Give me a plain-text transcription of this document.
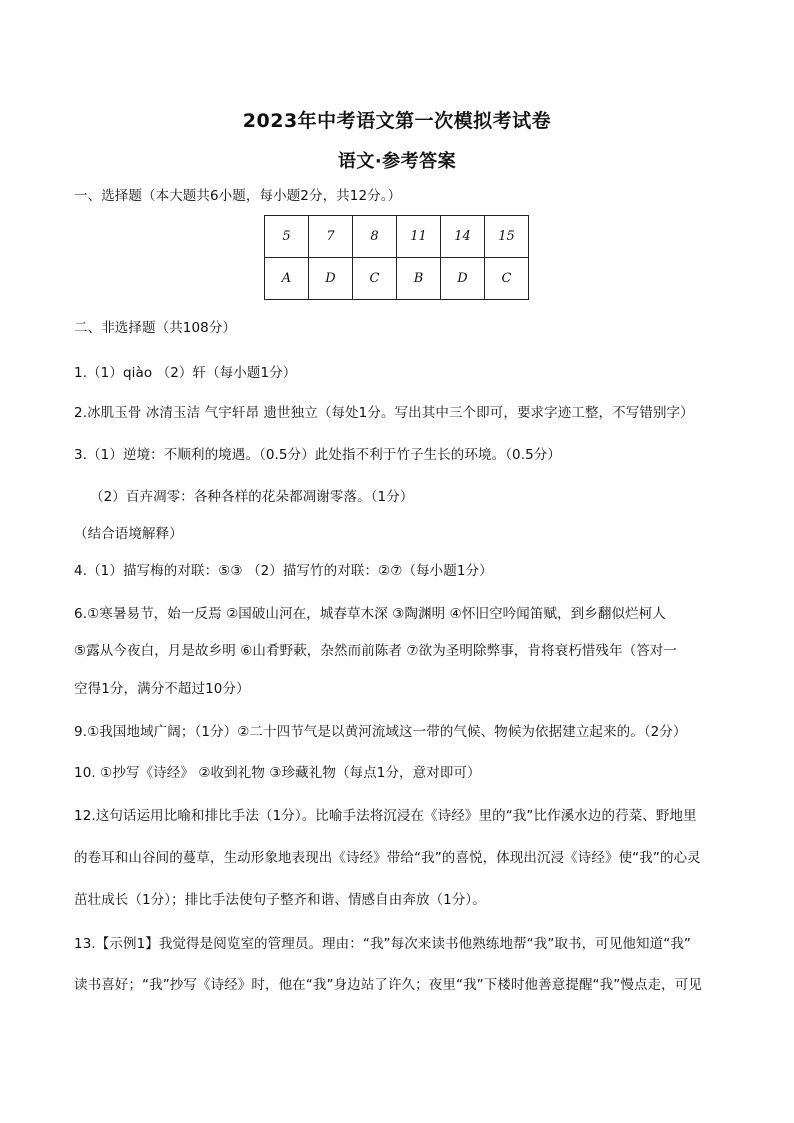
2023年中考语文第一次模拟考试卷
语文·参考答案
一、选择题（本大题共6小题，每小题2分，共12分。）
5	7	8	11	14	15
A	D	C	B	D	C
二、非选择题（共108分）
1.（1）qiào （2）轩（每小题1分）
2.冰肌玉骨 冰清玉洁 气宇轩昂 遗世独立（每处1分。写出其中三个即可，要求字迹工整，不写错别字）
3.（1）逆境：不顺利的境遇。（0.5分）此处指不利于竹子生长的环境。（0.5分）
（2）百卉凋零：各种各样的花朵都凋谢零落。（1分）
（结合语境解释）
4.（1）描写梅的对联：⑤③ （2）描写竹的对联：②⑦（每小题1分）
6.①寒暑易节，始一反焉 ②国破山河在，城春草木深 ③陶渊明 ④怀旧空吟闻笛赋，到乡翻似烂柯人
⑤露从今夜白，月是故乡明 ⑥山肴野蔌，杂然而前陈者 ⑦欲为圣明除弊事，肯将衰朽惜残年（答对一
空得1分，满分不超过10分）
9.①我国地域广阔；（1分）②二十四节气是以黄河流域这一带的气候、物候为依据建立起来的。（2分）
10. ①抄写《诗经》 ②收到礼物 ③珍藏礼物（每点1分，意对即可）
12.这句话运用比喻和排比手法（1分）。比喻手法将沉浸在《诗经》里的“我”比作溪水边的荇菜、野地里
的卷耳和山谷间的蔓草，生动形象地表现出《诗经》带给“我”的喜悦，体现出沉浸《诗经》使“我”的心灵
茁壮成长（1分）；排比手法使句子整齐和谐、情感自由奔放（1分）。
13.【示例1】我觉得是阅览室的管理员。理由：“我”每次来读书他熟练地帮“我”取书，可见他知道“我”
读书喜好；“我”抄写《诗经》时，他在“我”身边站了许久；夜里“我”下楼时他善意提醒“我”慢点走，可见
